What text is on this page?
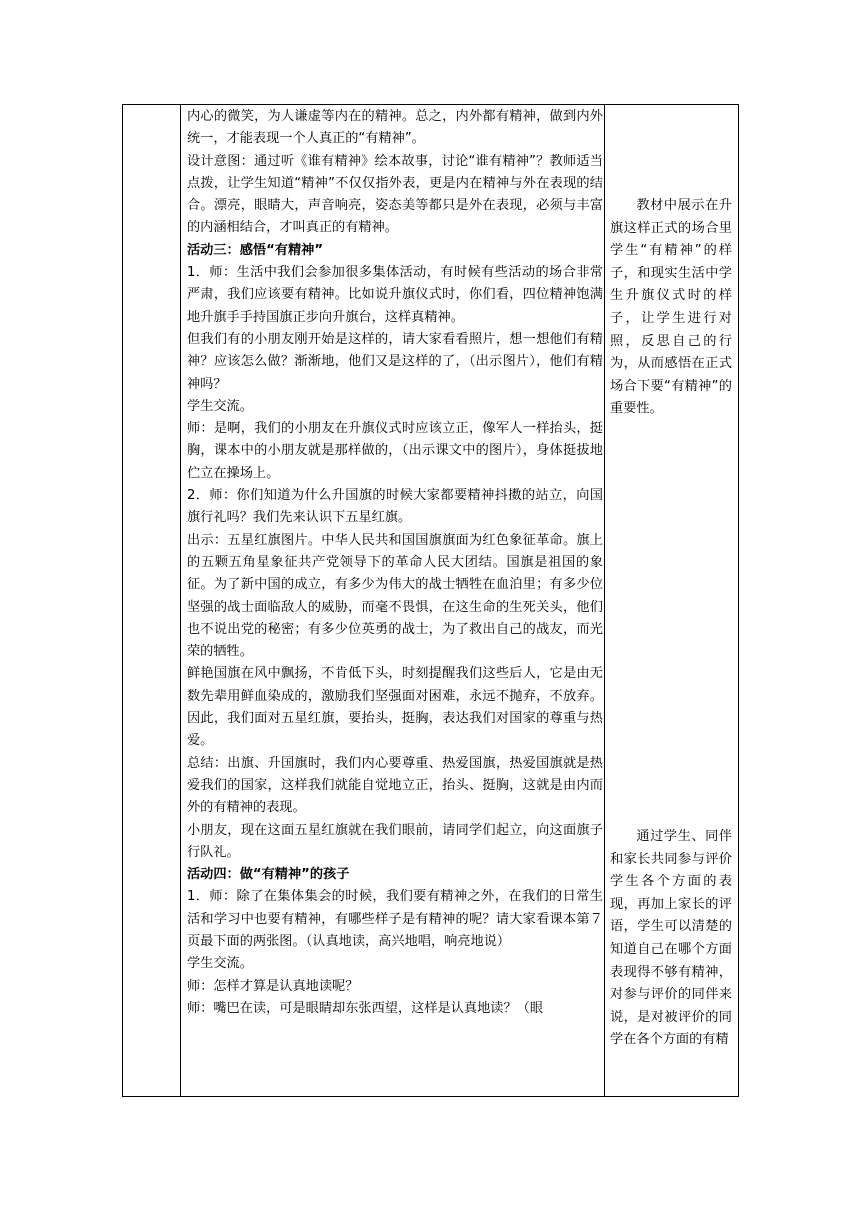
内心的微笑，为人谦虚等内在的精神。总之，内外都有精神，做到内外统一，才能表现一个人真正的“有精神”。

设计意图：通过听《谁有精神》绘本故事，讨论“谁有精神”？教师适当点拨，让学生知道“精神”不仅仅指外表，更是内在精神与外在表现的结合。漂亮，眼睛大，声音响亮，姿态美等都只是外在表现，必须与丰富的内涵相结合，才叫真正的有精神。

活动三：感悟“有精神”

1．师：生活中我们会参加很多集体活动，有时候有些活动的场合非常严肃，我们应该要有精神。比如说升旗仪式时，你们看，四位精神饱满地升旗手手持国旗正步向升旗台，这样真精神。

但我们有的小朋友刚开始是这样的，请大家看看照片，想一想他们有精神？应该怎么做？渐渐地，他们又是这样的了，（出示图片），他们有精神吗？

学生交流。

师：是啊，我们的小朋友在升旗仪式时应该立正，像军人一样抬头，挺胸，课本中的小朋友就是那样做的，（出示课文中的图片），身体挺拔地伫立在操场上。

2．师：你们知道为什么升国旗的时候大家都要精神抖擞的站立，向国旗行礼吗？我们先来认识下五星红旗。

出示：五星红旗图片。中华人民共和国国旗旗面为红色象征革命。旗上的五颗五角星象征共产党领导下的革命人民大团结。国旗是祖国的象征。为了新中国的成立，有多少为伟大的战士牺牲在血泊里；有多少位坚强的战士面临敌人的威胁，而毫不畏惧，在这生命的生死关头，他们也不说出党的秘密；有多少位英勇的战士，为了救出自己的战友，而光荣的牺牲。

鲜艳国旗在风中飘扬，不肯低下头，时刻提醒我们这些后人，它是由无数先辈用鲜血染成的，激励我们坚强面对困难，永远不抛弃，不放弃。因此，我们面对五星红旗，要抬头，挺胸，表达我们对国家的尊重与热爱。

总结：出旗、升国旗时，我们内心要尊重、热爱国旗，热爱国旗就是热爱我们的国家，这样我们就能自觉地立正，抬头、挺胸，这就是由内而外的有精神的表现。

小朋友，现在这面五星红旗就在我们眼前，请同学们起立，向这面旗子行队礼。

活动四：做“有精神”的孩子

1．师：除了在集体集会的时候，我们要有精神之外，在我们的日常生活和学习中也要有精神，有哪些样子是有精神的呢？请大家看课本第７页最下面的两张图。（认真地读，高兴地唱，响亮地说）

学生交流。

师：怎样才算是认真地读呢？

师：嘴巴在读，可是眼睛却东张西望，这样是认真地读？（眼

教材中展示在升旗这样正式的场合里学生“有精神”的样子，和现实生活中学生升旗仪式时的样子，让学生进行对照，反思自己的行为，从而感悟在正式场合下要“有精神”的重要性。

通过学生、同伴和家长共同参与评价学生各个方面的表现，再加上家长的评语，学生可以清楚的知道自己在哪个方面表现得不够有精神，对参与评价的同伴来说，是对被评价的同学在各个方面的有精
